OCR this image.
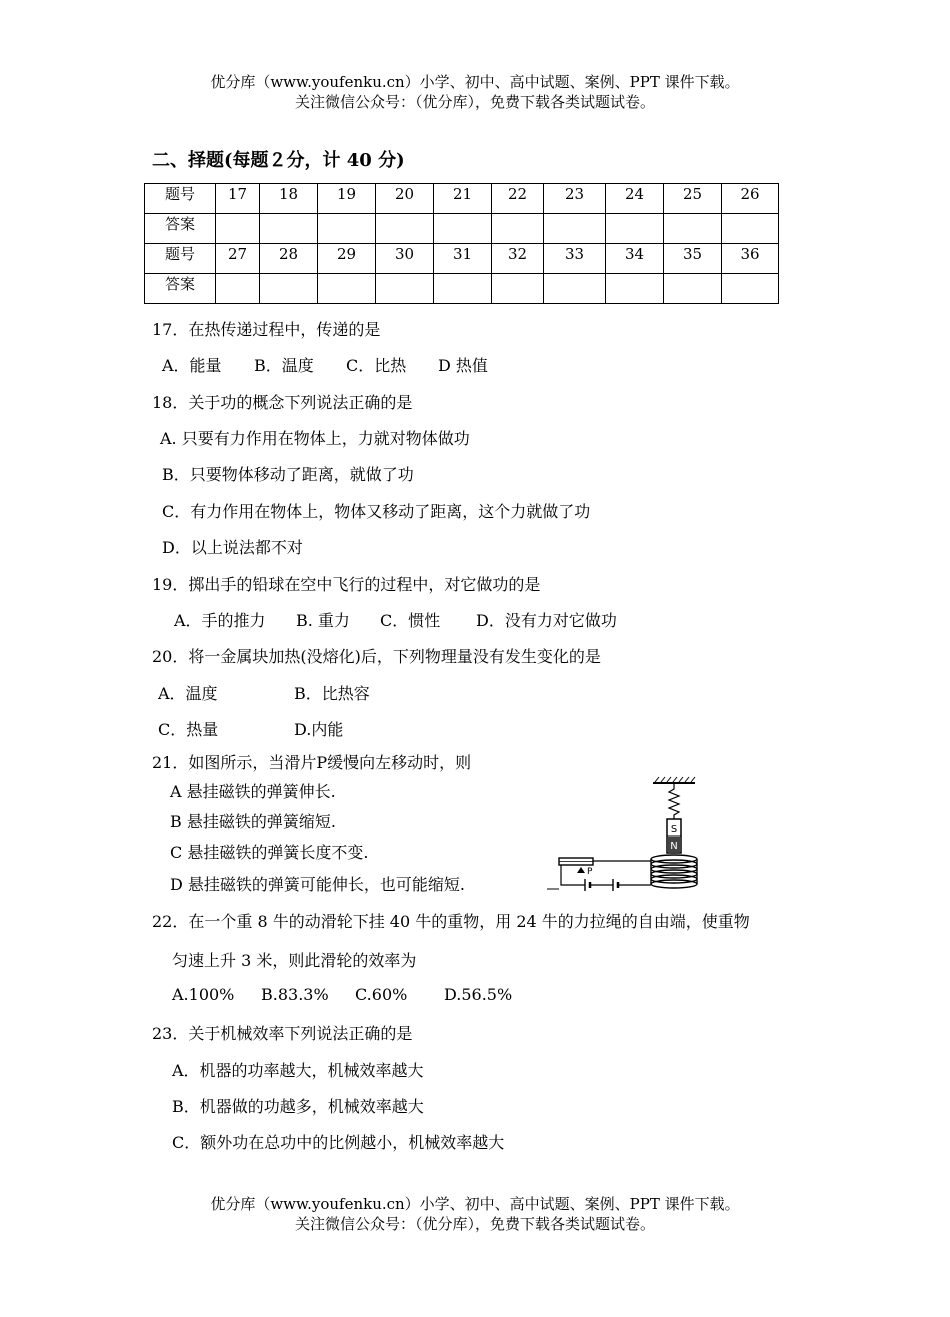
优分库（www.youfenku.cn）小学、初中、高中试题、案例、PPT 课件下载。
关注微信公众号：（优分库），免费下载各类试题试卷。
二、择题(每题２分，计 40 分)
题号	17	18	19	20	21	22	23	24	25	26
答案										
题号	27	28	29	30	31	32	33	34	35	36
答案										
17．在热传递过程中，传递的是
A．能量 B．温度 C．比热 D 热值
18．关于功的概念下列说法正确的是
A. 只要有力作用在物体上，力就对物体做功
B．只要物体移动了距离，就做了功
C．有力作用在物体上，物体又移动了距离，这个力就做了功
D．以上说法都不对
19．掷出手的铅球在空中飞行的过程中，对它做功的是
A．手的推力 B. 重力 C．惯性 D．没有力对它做功
20．将一金属块加热(没熔化)后，下列物理量没有发生变化的是
A．温度	B．比热容
C．热量	D.内能
21．如图所示，当滑片P缓慢向左移动时，则
A 悬挂磁铁的弹簧伸长.
B 悬挂磁铁的弹簧缩短.
C 悬挂磁铁的弹簧长度不变.
D 悬挂磁铁的弹簧可能伸长，也可能缩短.
S
N
P
22．在一个重 8 牛的动滑轮下挂 40 牛的重物，用 24 牛的力拉绳的自由端，使重物
匀速上升 3 米，则此滑轮的效率为
A.100% B.83.3% C.60% D.56.5%
23．关于机械效率下列说法正确的是
A．机器的功率越大，机械效率越大
B．机器做的功越多，机械效率越大
C．额外功在总功中的比例越小，机械效率越大
优分库（www.youfenku.cn）小学、初中、高中试题、案例、PPT 课件下载。
关注微信公众号：（优分库），免费下载各类试题试卷。
